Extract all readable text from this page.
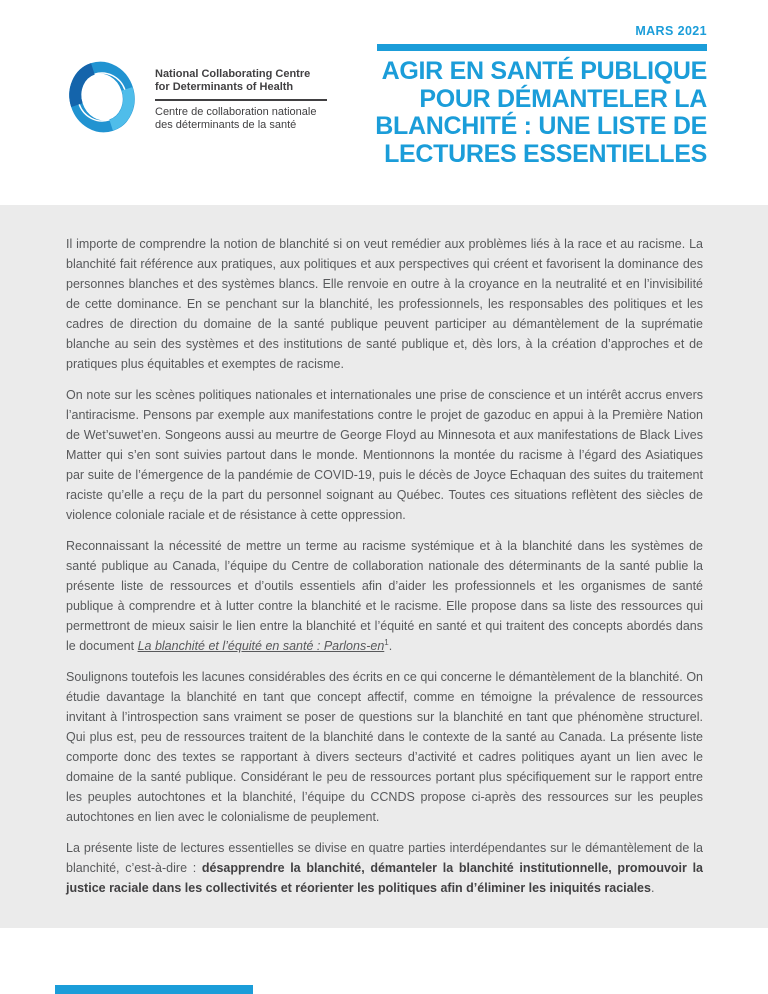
MARS 2021
AGIR EN SANTÉ PUBLIQUE
POUR DÉMANTELER LA
BLANCHITÉ : UNE LISTE DE
LECTURES ESSENTIELLES
National Collaborating Centre
for Determinants of Health
Centre de collaboration nationale
des déterminants de la santé

Il importe de comprendre la notion de blanchité si on veut remédier aux problèmes liés à la race et au racisme. La blanchité fait référence aux pratiques, aux politiques et aux perspectives qui créent et favorisent la dominance des personnes blanches et des systèmes blancs. Elle renvoie en outre à la croyance en la neutralité et en l’invisibilité de cette dominance. En se penchant sur la blanchité, les professionnels, les responsables des politiques et les cadres de direction du domaine de la santé publique peuvent participer au démantèlement de la suprématie blanche au sein des systèmes et des institutions de santé publique et, dès lors, à la création d’approches et de pratiques plus équitables et exemptes de racisme.

On note sur les scènes politiques nationales et internationales une prise de conscience et un intérêt accrus envers l’antiracisme. Pensons par exemple aux manifestations contre le projet de gazoduc en appui à la Première Nation de Wet’suwet’en. Songeons aussi au meurtre de George Floyd au Minnesota et aux manifestations de Black Lives Matter qui s’en sont suivies partout dans le monde. Mentionnons la montée du racisme à l’égard des Asiatiques par suite de l’émergence de la pandémie de COVID-19, puis le décès de Joyce Echaquan des suites du traitement raciste qu’elle a reçu de la part du personnel soignant au Québec. Toutes ces situations reflètent des siècles de violence coloniale raciale et de résistance à cette oppression.

Reconnaissant la nécessité de mettre un terme au racisme systémique et à la blanchité dans les systèmes de santé publique au Canada, l’équipe du Centre de collaboration nationale des déterminants de la santé publie la présente liste de ressources et d’outils essentiels afin d’aider les professionnels et les organismes de santé publique à comprendre et à lutter contre la blanchité et le racisme. Elle propose dans sa liste des ressources qui permettront de mieux saisir le lien entre la blanchité et l’équité en santé et qui traitent des concepts abordés dans le document La blanchité et l’équité en santé : Parlons-$en^1$.

Soulignons toutefois les lacunes considérables des écrits en ce qui concerne le démantèlement de la blanchité. On étudie davantage la blanchité en tant que concept affectif, comme en témoigne la prévalence de ressources invitant à l’introspection sans vraiment se poser de questions sur la blanchité en tant que phénomène structurel. Qui plus est, peu de ressources traitent de la blanchité dans le contexte de la santé au Canada. La présente liste comporte donc des textes se rapportant à divers secteurs d’activité et cadres politiques ayant un lien avec le domaine de la santé publique. Considérant le peu de ressources portant plus spécifiquement sur le rapport entre les peuples autochtones et la blanchité, l’équipe du CCNDS propose ci-après des ressources sur les peuples autochtones en lien avec le colonialisme de peuplement.

La présente liste de lectures essentielles se divise en quatre parties interdépendantes sur le démantèlement de la blanchité, c’est-à-dire : désapprendre la blanchité, démanteler la blanchité institutionnelle, promouvoir la justice raciale dans les collectivités et réorienter les politiques afin d’éliminer les iniquités raciales.
